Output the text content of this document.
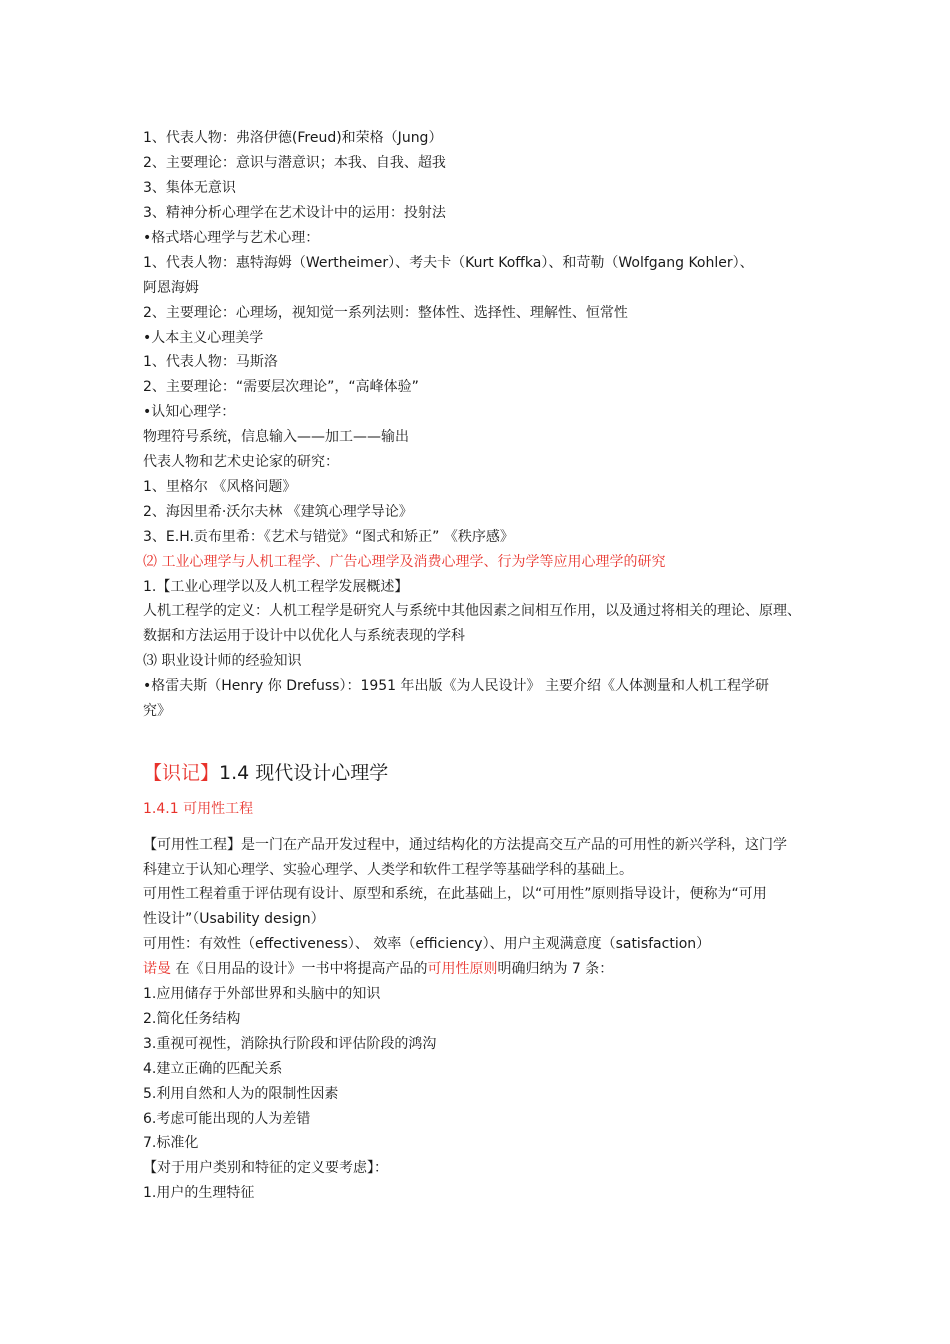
1、代表人物：弗洛伊德(Freud)和荣格（Jung）
2、主要理论：意识与潜意识；本我、自我、超我
3、集体无意识
3、精神分析心理学在艺术设计中的运用：投射法
•格式塔心理学与艺术心理：
1、代表人物：惠特海姆（Wertheimer）、考夫卡（Kurt Koffka）、和苛勒（Wolfgang Kohler）、
阿恩海姆
2、主要理论：心理场，视知觉一系列法则：整体性、选择性、理解性、恒常性
•人本主义心理美学
1、代表人物：马斯洛
2、主要理论：“需要层次理论”，“高峰体验”
•认知心理学：
物理符号系统，信息输入——加工——输出
代表人物和艺术史论家的研究：
1、里格尔 《风格问题》
2、海因里希·沃尔夫林 《建筑心理学导论》
3、E.H.贡布里希：《艺术与错觉》“图式和矫正” 《秩序感》
⑵ 工业心理学与人机工程学、广告心理学及消费心理学、行为学等应用心理学的研究
1.【工业心理学以及人机工程学发展概述】
人机工程学的定义：人机工程学是研究人与系统中其他因素之间相互作用，以及通过将相关的理论、原理、
数据和方法运用于设计中以优化人与系统表现的学科
⑶ 职业设计师的经验知识
•格雷夫斯（Henry 你 Drefuss）：1951 年出版《为人民设计》 主要介绍《人体测量和人机工程学研
究》
【识记】1.4 现代设计心理学
1.4.1 可用性工程
【可用性工程】是一门在产品开发过程中，通过结构化的方法提高交互产品的可用性的新兴学科，这门学
科建立于认知心理学、实验心理学、人类学和软件工程学等基础学科的基础上。
可用性工程着重于评估现有设计、原型和系统，在此基础上，以“可用性”原则指导设计，便称为“可用
性设计”（Usability design）
可用性：有效性（effectiveness）、 效率（efficiency）、用户主观满意度（satisfaction）
诺曼 在《日用品的设计》一书中将提高产品的可用性原则明确归纳为 7 条：
1.应用储存于外部世界和头脑中的知识
2.简化任务结构
3.重视可视性，消除执行阶段和评估阶段的鸿沟
4.建立正确的匹配关系
5.利用自然和人为的限制性因素
6.考虑可能出现的人为差错
7.标准化
【对于用户类别和特征的定义要考虑】：
1.用户的生理特征
